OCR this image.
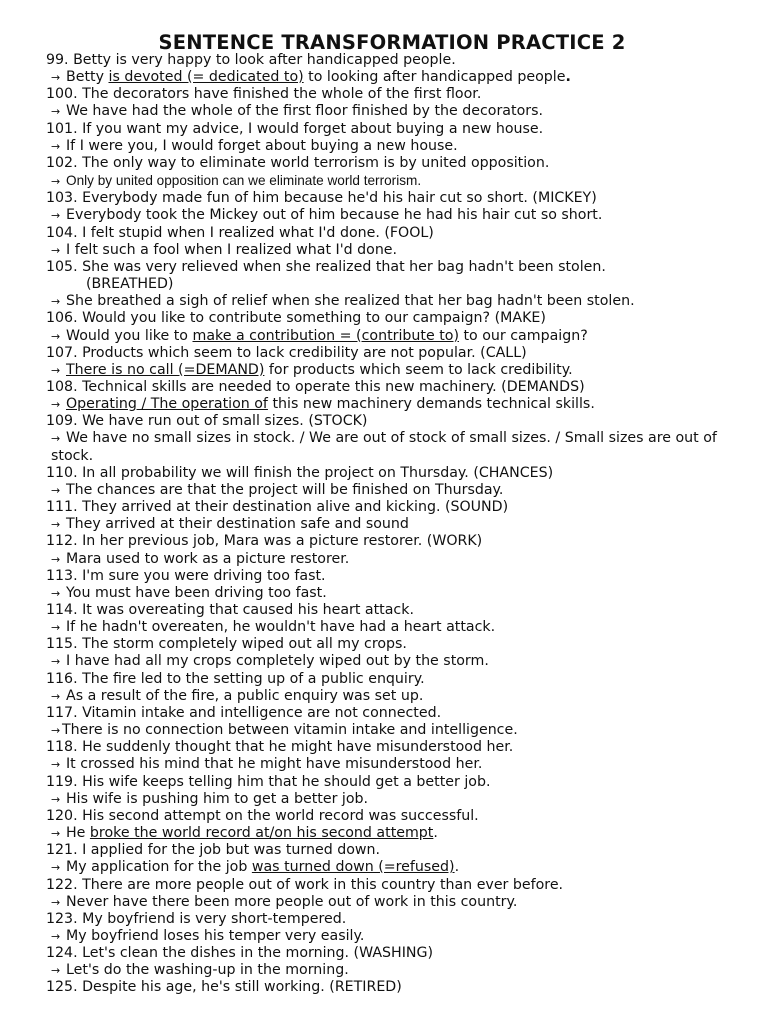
SENTENCE TRANSFORMATION PRACTICE 2
99. Betty is very happy to look after handicapped people.
→ Betty is devoted (= dedicated to) to looking after handicapped people.
100. The decorators have finished the whole of the first floor.
→ We have had the whole of the first floor finished by the decorators.
101. If you want my advice, I would forget about buying a new house.
→ If I were you, I would forget about buying a new house.
102. The only way to eliminate world terrorism is by united opposition.
→ Only by united opposition can we eliminate world terrorism.
103. Everybody made fun of him because he'd his hair cut so short. (MICKEY)
→ Everybody took the Mickey out of him because he had his hair cut so short.
104. I felt stupid when I realized what I'd done. (FOOL)
→ I felt such a fool when I realized what I'd done.
105. She was very relieved when she realized that her bag hadn't been stolen.
(BREATHED)
→ She breathed a sigh of relief when she realized that her bag hadn't been stolen.
106. Would you like to contribute something to our campaign? (MAKE)
→ Would you like to make a contribution = (contribute to) to our campaign?
107. Products which seem to lack credibility are not popular. (CALL)
→ There is no call (=DEMAND) for products which seem to lack credibility.
108. Technical skills are needed to operate this new machinery. (DEMANDS)
→ Operating / The operation of this new machinery demands technical skills.
109. We have run out of small sizes. (STOCK)
→ We have no small sizes in stock. / We are out of stock of small sizes. / Small sizes are out of stock.
110. In all probability we will finish the project on Thursday. (CHANCES)
→ The chances are that the project will be finished on Thursday.
111. They arrived at their destination alive and kicking. (SOUND)
→ They arrived at their destination safe and sound
112. In her previous job, Mara was a picture restorer. (WORK)
→ Mara used to work as a picture restorer.
113. I'm sure you were driving too fast.
→ You must have been driving too fast.
114. It was overeating that caused his heart attack.
→ If he hadn't overeaten, he wouldn't have had a heart attack.
115. The storm completely wiped out all my crops.
→ I have had all my crops completely wiped out by the storm.
116. The fire led to the setting up of a public enquiry.
→ As a result of the fire, a public enquiry was set up.
117. Vitamin intake and intelligence are not connected.
→ There is no connection between vitamin intake and intelligence.
118. He suddenly thought that he might have misunderstood her.
→ It crossed his mind that he might have misunderstood her.
119. His wife keeps telling him that he should get a better job.
→ His wife is pushing him to get a better job.
120. His second attempt on the world record was successful.
→ He broke the world record at/on his second attempt.
121. I applied for the job but was turned down.
→ My application for the job was turned down (=refused).
122. There are more people out of work in this country than ever before.
→ Never have there been more people out of work in this country.
123. My boyfriend is very short-tempered.
→ My boyfriend loses his temper very easily.
124. Let's clean the dishes in the morning. (WASHING)
→ Let's do the washing-up in the morning.
125. Despite his age, he's still working. (RETIRED)
